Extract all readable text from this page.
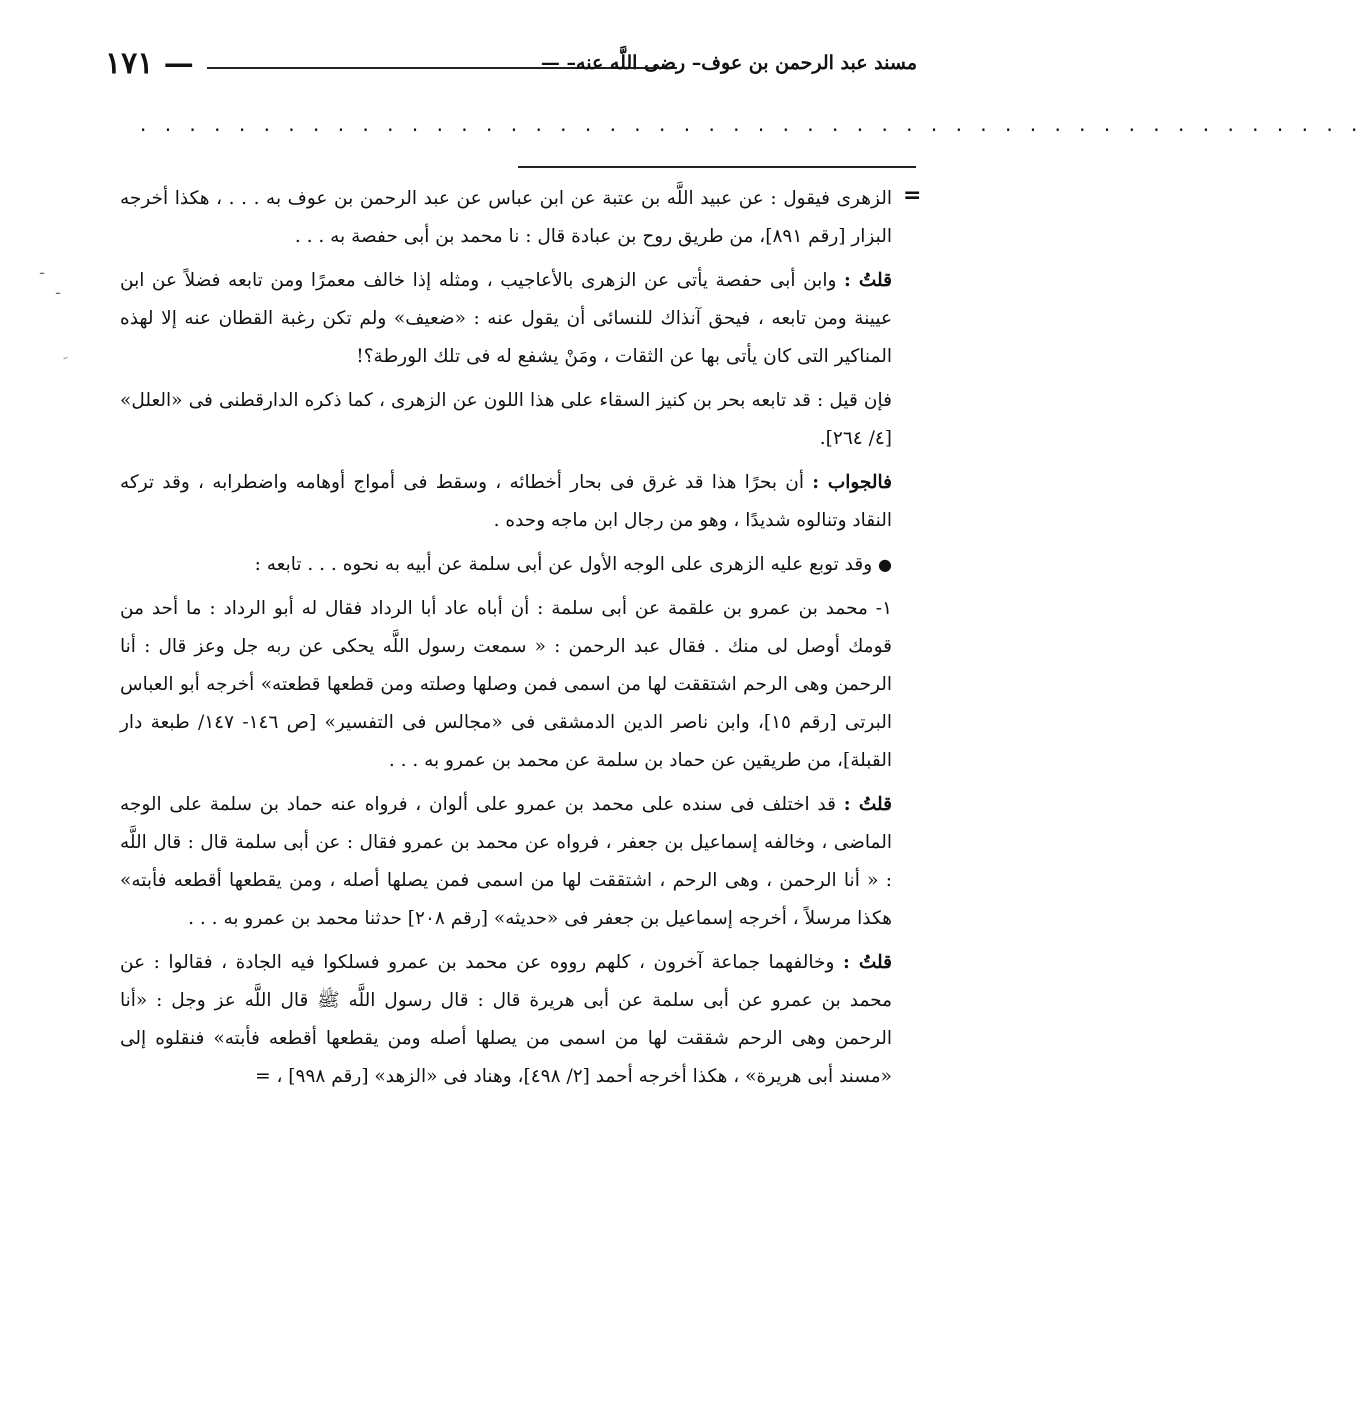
— ١٧١	مسند عبد الرحمن بن عوف– رضى اللَّه عنه– —
. . . . . . . . . . . . . . . . . . . . . . . . . . . . . . . . . . . . . . . . . . . . . . . . . .
=
ـ
ـ

الزهرى فيقول : عن عبيد اللَّه بن عتبة عن ابن عباس عن عبد الرحمن بن عوف به . . . ، هكذا أخرجه البزار [رقم ٨٩١]، من طريق روح بن عبادة قال : نا محمد بن أبى حفصة به . . .

قلتُ : وابن أبى حفصة يأتى عن الزهرى بالأعاجيب ، ومثله إذا خالف معمرًا ومن تابعه فضلاً عن ابن عيينة ومن تابعه ، فيحق آنذاك للنسائى أن يقول عنه : «ضعيف» ولم تكن رغبة القطان عنه إلا لهذه المناكير التى كان يأتى بها عن الثقات ، ومَنْ يشفع له فى تلك الورطة؟!

فإن قيل : قد تابعه بحر بن كنيز السقاء على هذا اللون عن الزهرى ، كما ذكره الدارقطنى فى «العلل» [٤/ ٢٦٤].

فالجواب : أن بحرًا هذا قد غرق فى بحار أخطائه ، وسقط فى أمواج أوهامه واضطرابه ، وقد تركه النقاد وتنالوه شديدًا ، وهو من رجال ابن ماجه وحده .

● وقد توبع عليه الزهرى على الوجه الأول عن أبى سلمة عن أبيه به نحوه . . . تابعه :

١- محمد بن عمرو بن علقمة عن أبى سلمة : أن أباه عاد أبا الرداد فقال له أبو الرداد : ما أحد من قومك أوصل لى منك . فقال عبد الرحمن : « سمعت رسول اللَّه يحكى عن ربه جل وعز قال : أنا الرحمن وهى الرحم اشتققت لها من اسمى فمن وصلها وصلته ومن قطعها قطعته» أخرجه أبو العباس البرتى [رقم ١٥]، وابن ناصر الدين الدمشقى فى «مجالس فى التفسير» [ص ١٤٦- ١٤٧/ طبعة دار القبلة]، من طريقين عن حماد بن سلمة عن محمد بن عمرو به . . .

قلتُ : قد اختلف فى سنده على محمد بن عمرو على ألوان ، فرواه عنه حماد بن سلمة على الوجه الماضى ، وخالفه إسماعيل بن جعفر ، فرواه عن محمد بن عمرو فقال : عن أبى سلمة قال : قال اللَّه : « أنا الرحمن ، وهى الرحم ، اشتققت لها من اسمى فمن يصلها أصله ، ومن يقطعها أقطعه فأبته» هكذا مرسلاً ، أخرجه إسماعيل بن جعفر فى «حديثه» [رقم ٢٠٨] حدثنا محمد بن عمرو به . . .

قلتُ : وخالفهما جماعة آخرون ، كلهم رووه عن محمد بن عمرو فسلكوا فيه الجادة ، فقالوا : عن محمد بن عمرو عن أبى سلمة عن أبى هريرة قال : قال رسول اللَّه ﷺ قال اللَّه عز وجل : «أنا الرحمن وهى الرحم شققت لها من اسمى من يصلها أصله ومن يقطعها أقطعه فأبته» فنقلوه إلى «مسند أبى هريرة» ، هكذا أخرجه أحمد [٢/ ٤٩٨]، وهناد فى «الزهد» [رقم ٩٩٨] ، =
